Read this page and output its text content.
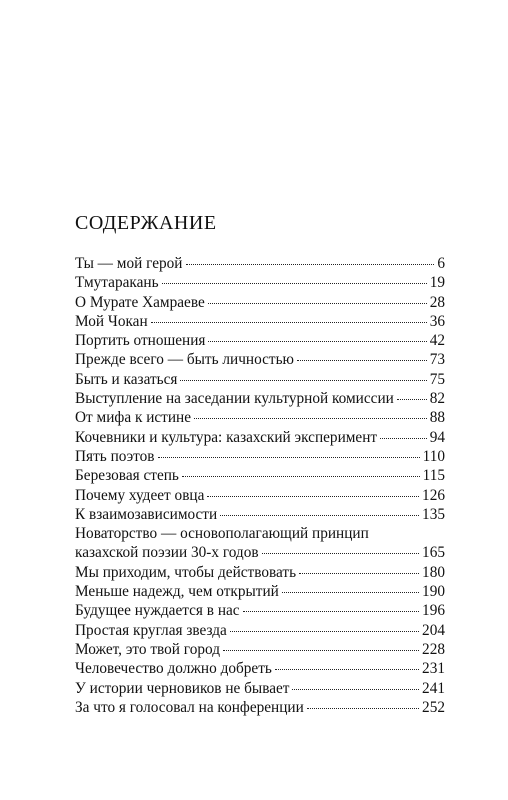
СОДЕРЖАНИЕ
Ты — мой герой	6
Тмутаракань	19
О Мурате Хамраеве	28
Мой Чокан	36
Портить отношения	42
Прежде всего — быть личностью	73
Быть и казаться	75
Выступление на заседании культурной комиссии 82
От мифа к истине	88
Кочевники и культура: казахский эксперимент	94
Пять поэтов	110
Березовая степь	115
Почему худеет овца	126
К взаимозависимости	135
Новаторство — основополагающий принцип
казахской поэзии 30-х годов	165
Мы приходим, чтобы действовать	180
Меньше надежд, чем открытий	190
Будущее нуждается в нас	196
Простая круглая звезда	204
Может, это твой город	228
Человечество должно добреть	231
У истории черновиков не бывает	241
За что я голосовал на конференции	252
